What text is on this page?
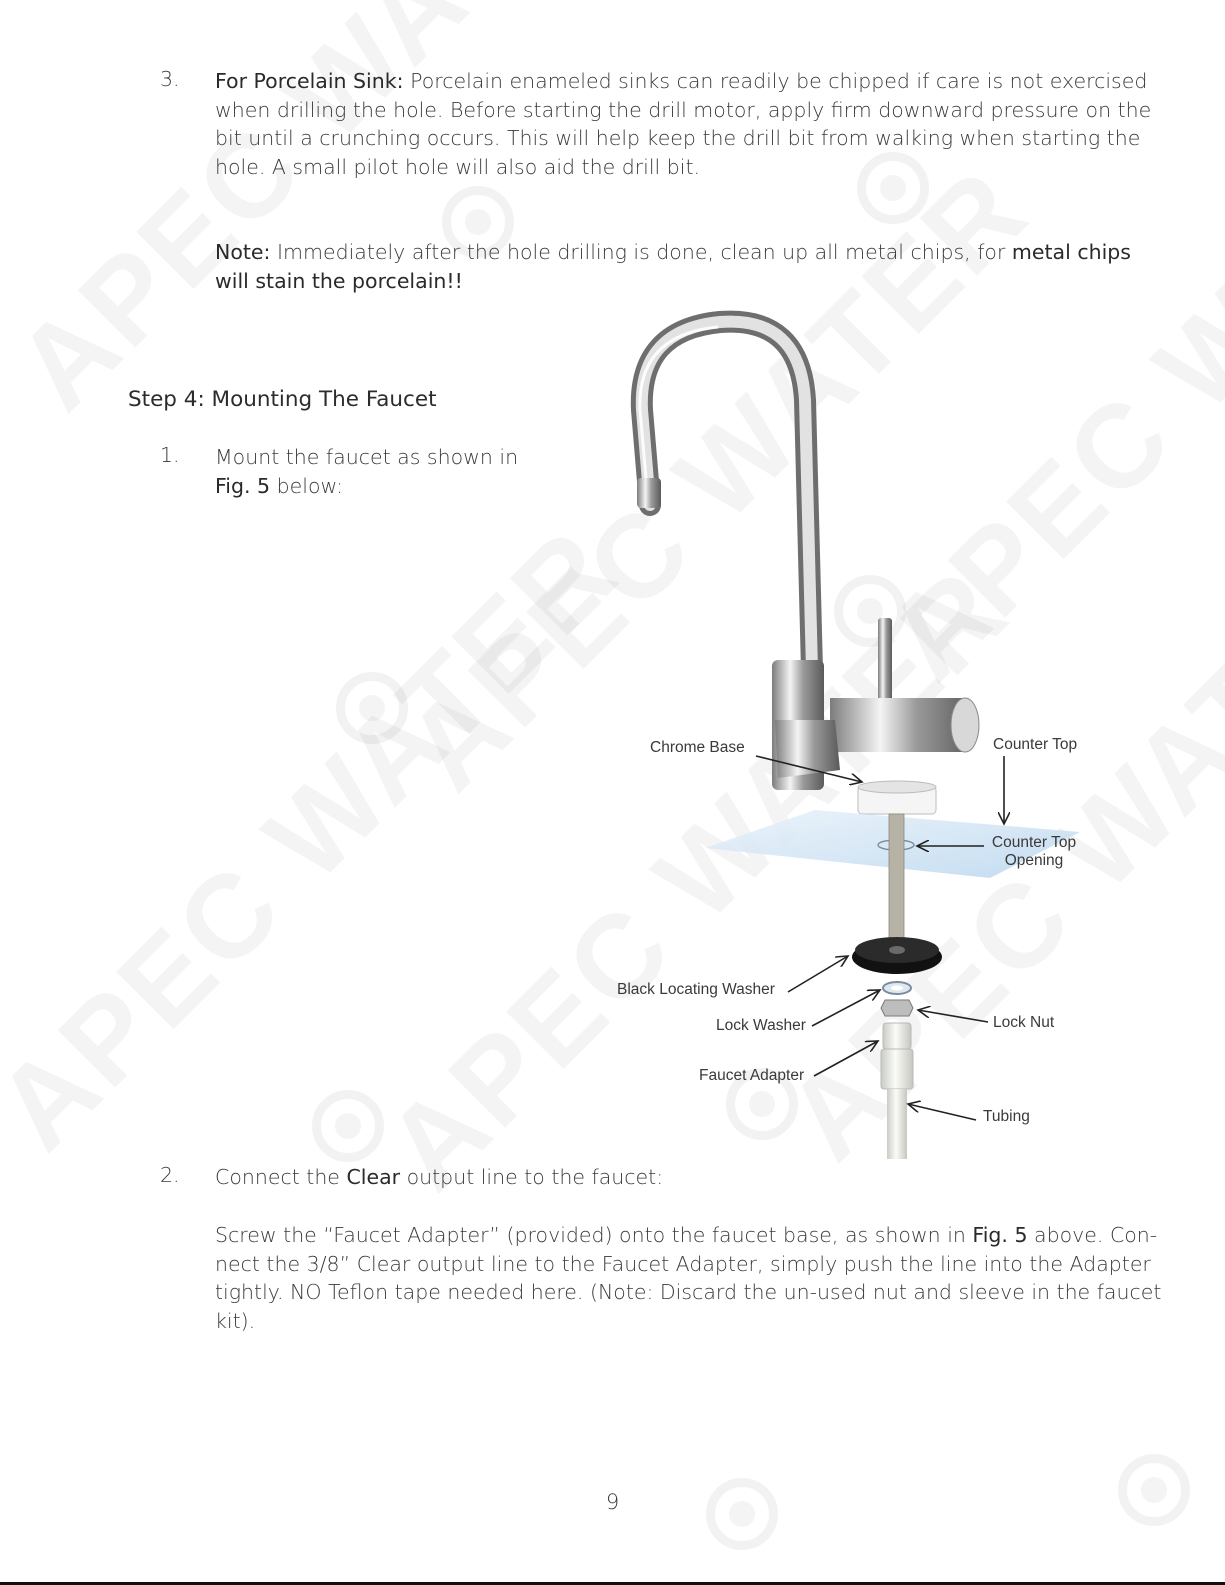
3. For Porcelain Sink: Porcelain enameled sinks can readily be chipped if care is not exercised
when drilling the hole. Before starting the drill motor, apply firm downward pressure on the
bit until a crunching occurs. This will help keep the drill bit from walking when starting the
hole. A small pilot hole will also aid the drill bit.
Note: Immediately after the hole drilling is done, clean up all metal chips, for metal chips
will stain the porcelain!!
Step 4: Mounting The Faucet
1. Mount the faucet as shown in
Fig. 5 below:
Chrome Base	Counter Top
Counter Top
Opening
Black Locating Washer
Lock Washer	Lock Nut
Faucet Adapter
Tubing
2. Connect the Clear output line to the faucet:
Screw the “Faucet Adapter” (provided) onto the faucet base, as shown in Fig. 5 above. Con-
nect the 3/8” Clear output line to the Faucet Adapter, simply push the line into the Adapter
tightly. NO Teflon tape needed here. (Note: Discard the un-used nut and sleeve in the faucet
kit).
9
